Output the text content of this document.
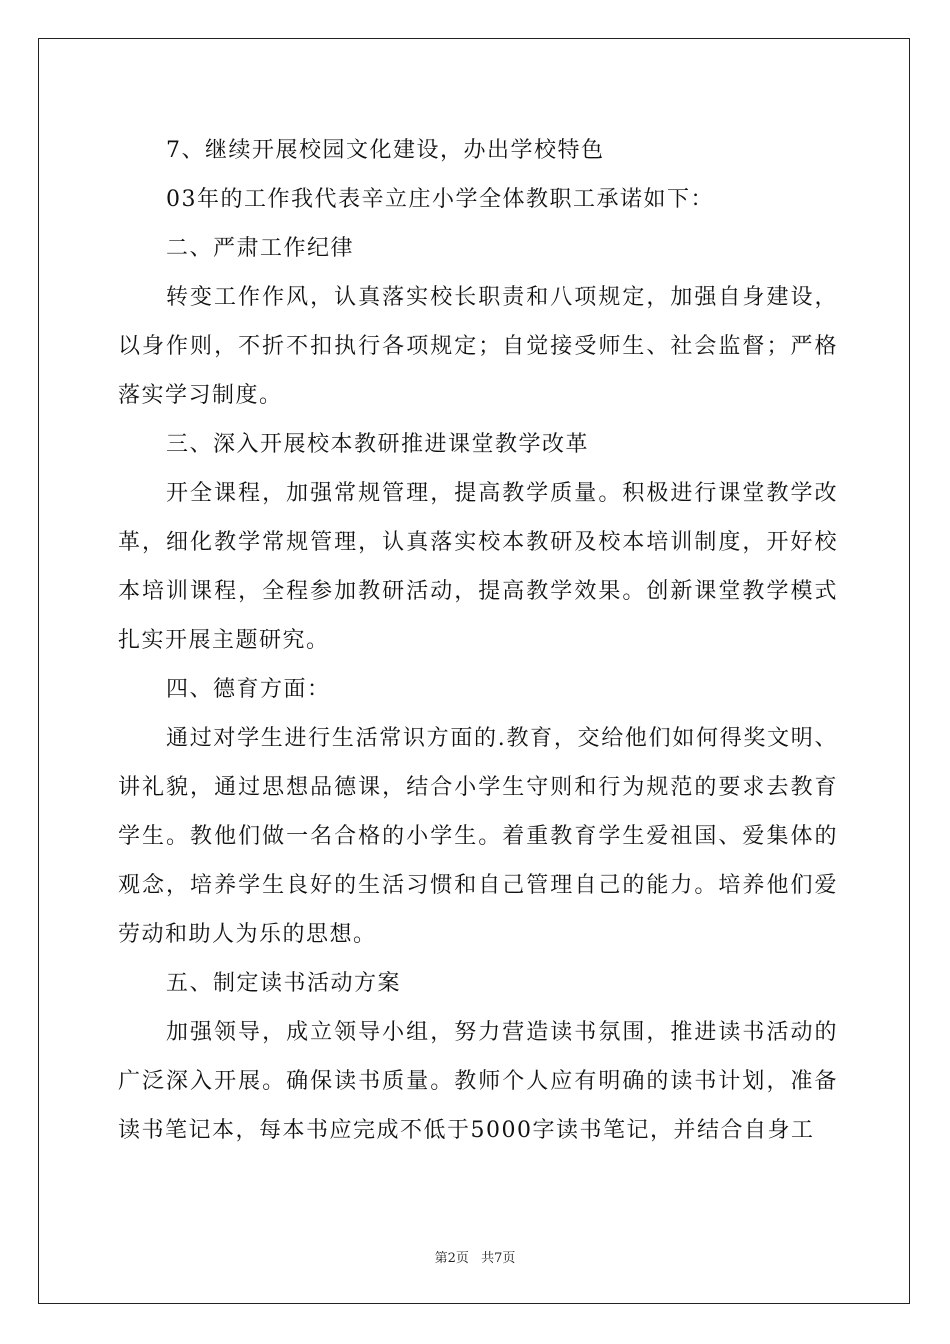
7、继续开展校园文化建设，办出学校特色

03年的工作我代表辛立庄小学全体教职工承诺如下：

二、严肃工作纪律

转变工作作风，认真落实校长职责和八项规定，加强自身建设，以身作则，不折不扣执行各项规定；自觉接受师生、社会监督；严格落实学习制度。

三、深入开展校本教研推进课堂教学改革

开全课程，加强常规管理，提高教学质量。积极进行课堂教学改革，细化教学常规管理，认真落实校本教研及校本培训制度，开好校本培训课程，全程参加教研活动，提高教学效果。创新课堂教学模式扎实开展主题研究。

四、德育方面：

通过对学生进行生活常识方面的.教育，交给他们如何得奖文明、讲礼貌，通过思想品德课，结合小学生守则和行为规范的要求去教育学生。教他们做一名合格的小学生。着重教育学生爱祖国、爱集体的观念，培养学生良好的生活习惯和自己管理自己的能力。培养他们爱劳动和助人为乐的思想。

五、制定读书活动方案

加强领导，成立领导小组，努力营造读书氛围，推进读书活动的广泛深入开展。确保读书质量。教师个人应有明确的读书计划，准备读书笔记本，每本书应完成不低于5000字读书笔记，并结合自身工

第2页 共7页
